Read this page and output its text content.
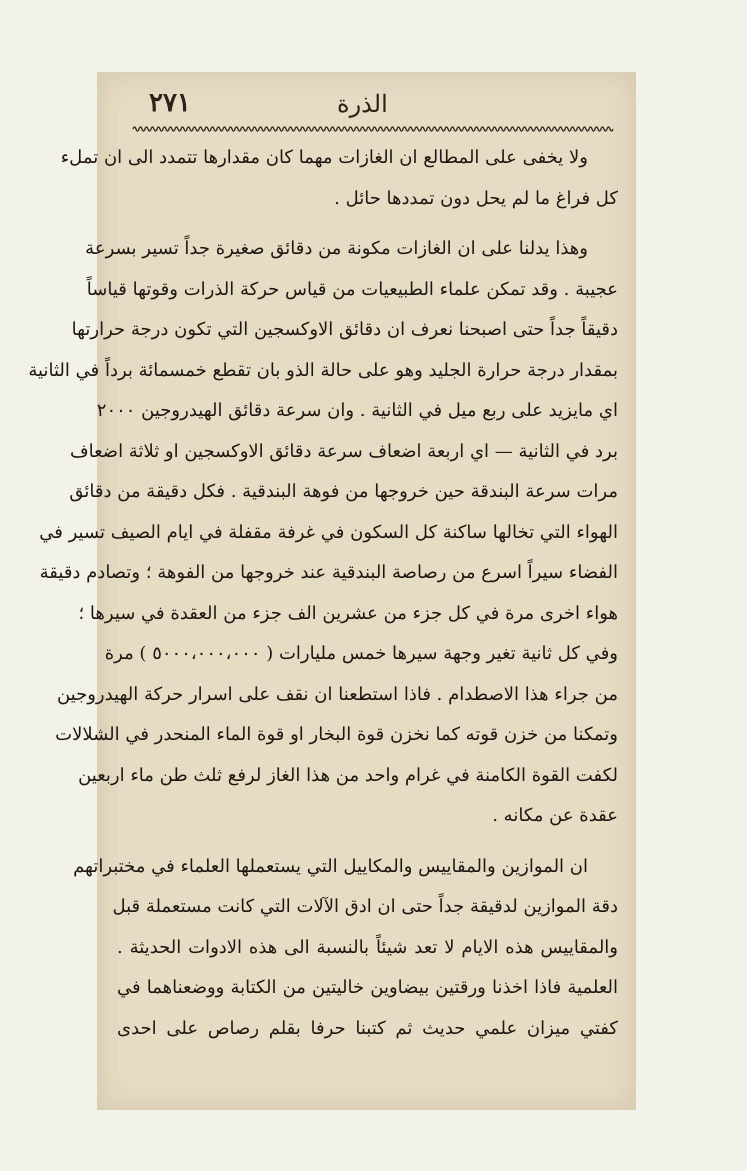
٢٧١	الذرة
ولا يخفى على المطالع ان الغازات مهما كان مقدارها تتمدد الى ان تملء
كل فراغ ما لم يحل دون تمددها حائل .
وهذا يدلنا على ان الغازات مكونة من دقائق صغيرة جداً تسير بسرعة
عجيبة . وقد تمكن علماء الطبيعيات من قياس حركة الذرات وقوتها قياساً
دقيقاً جداً حتى اصبحنا نعرف ان دقائق الاوكسجين التي تكون درجة حرارتها
بمقدار درجة حرارة الجليد وهو على حالة الذو بان تقطع خمسمائة برداً في الثانية
اي مايزيد على ربع ميل في الثانية . وان سرعة دقائق الهيدروجين ٢٠٠٠
برد في الثانية — اي اربعة اضعاف سرعة دقائق الاوكسجين او ثلاثة اضعاف
مرات سرعة البندقة حين خروجها من فوهة البندقية . فكل دقيقة من دقائق
الهواء التي تخالها ساكنة كل السكون في غرفة مقفلة في ايام الصيف تسير في
الفضاء سيراً اسرع من رصاصة البندقية عند خروجها من الفوهة ؛ وتصادم دقيقة
هواء اخرى مرة في كل جزء من عشرين الف جزء من العقدة في سيرها ؛
وفي كل ثانية تغير وجهة سيرها خمس مليارات ( ٥٠٠٠،٠٠٠،٠٠٠ ) مرة
من جراء هذا الاصطدام . فاذا استطعنا ان نقف على اسرار حركة الهيدروجين
وتمكنا من خزن قوته كما نخزن قوة البخار او قوة الماء المنحدر في الشلالات
لكفت القوة الكامنة في غرام واحد من هذا الغاز لرفع ثلث طن ماء اربعين
عقدة عن مكانه .
ان الموازين والمقاييس والمكاييل التي يستعملها العلماء في مختبراتهم
دقة الموازين لدقيقة جداً حتى ان ادق الآلات التي كانت مستعملة قبل
والمقاييس هذه الايام لا تعد شيئاً بالنسبة الى هذه الادوات الحديثة .
العلمية فاذا اخذنا ورقتين بيضاوين خاليتين من الكتابة ووضعناهما في
كفتي ميزان علمي حديث ثم كتبنا حرفا بقلم رصاص على احدى
